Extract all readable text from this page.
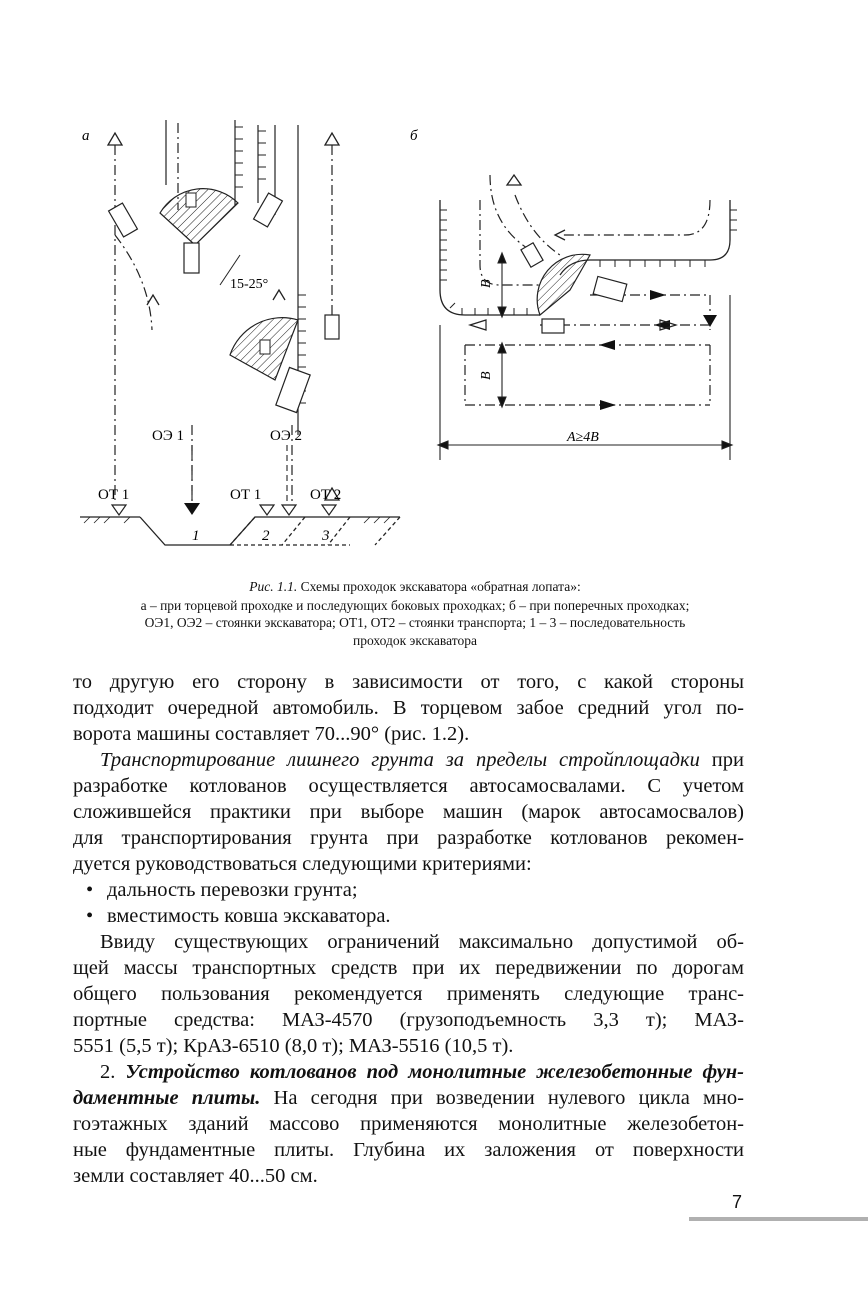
а
15-25°
ОЭ 1	ОЭ 2
ОТ 1	ОТ 1	ОТ 2
1	2	3
б
В
В
А≥4В
Рис. 1.1. Схемы проходок экскаватора «обратная лопата»:
а – при торцевой проходке и последующих боковых проходках; б – при поперечных проходках;
ОЭ1, ОЭ2 – стоянки экскаватора; ОТ1, ОТ2 – стоянки транспорта; 1 – 3 – последовательность
проходок экскаватора
то другую его сторону в зависимости от того, с какой стороны
подходит очередной автомобиль. В торцевом забое средний угол по-
ворота машины составляет 70...90° (рис. 1.2).
Транспортирование лишнего грунта за пределы стройплощадки при
разработке котлованов осуществляется автосамосвалами. С учетом
сложившейся практики при выборе машин (марок автосамосвалов)
для транспортирования грунта при разработке котлованов рекомен-
дуется руководствоваться следующими критериями:
• дальность перевозки грунта;
• вместимость ковша экскаватора.
Ввиду существующих ограничений максимально допустимой об-
щей массы транспортных средств при их передвижении по дорогам
общего пользования рекомендуется применять следующие транс-
портные средства: МАЗ-4570 (грузоподъемность 3,3 т); МАЗ-
5551 (5,5 т); КрАЗ-6510 (8,0 т); МАЗ-5516 (10,5 т).
2. Устройство котлованов под монолитные железобетонные фун-
даментные плиты. На сегодня при возведении нулевого цикла мно-
гоэтажных зданий массово применяются монолитные железобетон-
ные фундаментные плиты. Глубина их заложения от поверхности
земли составляет 40...50 см.
7
